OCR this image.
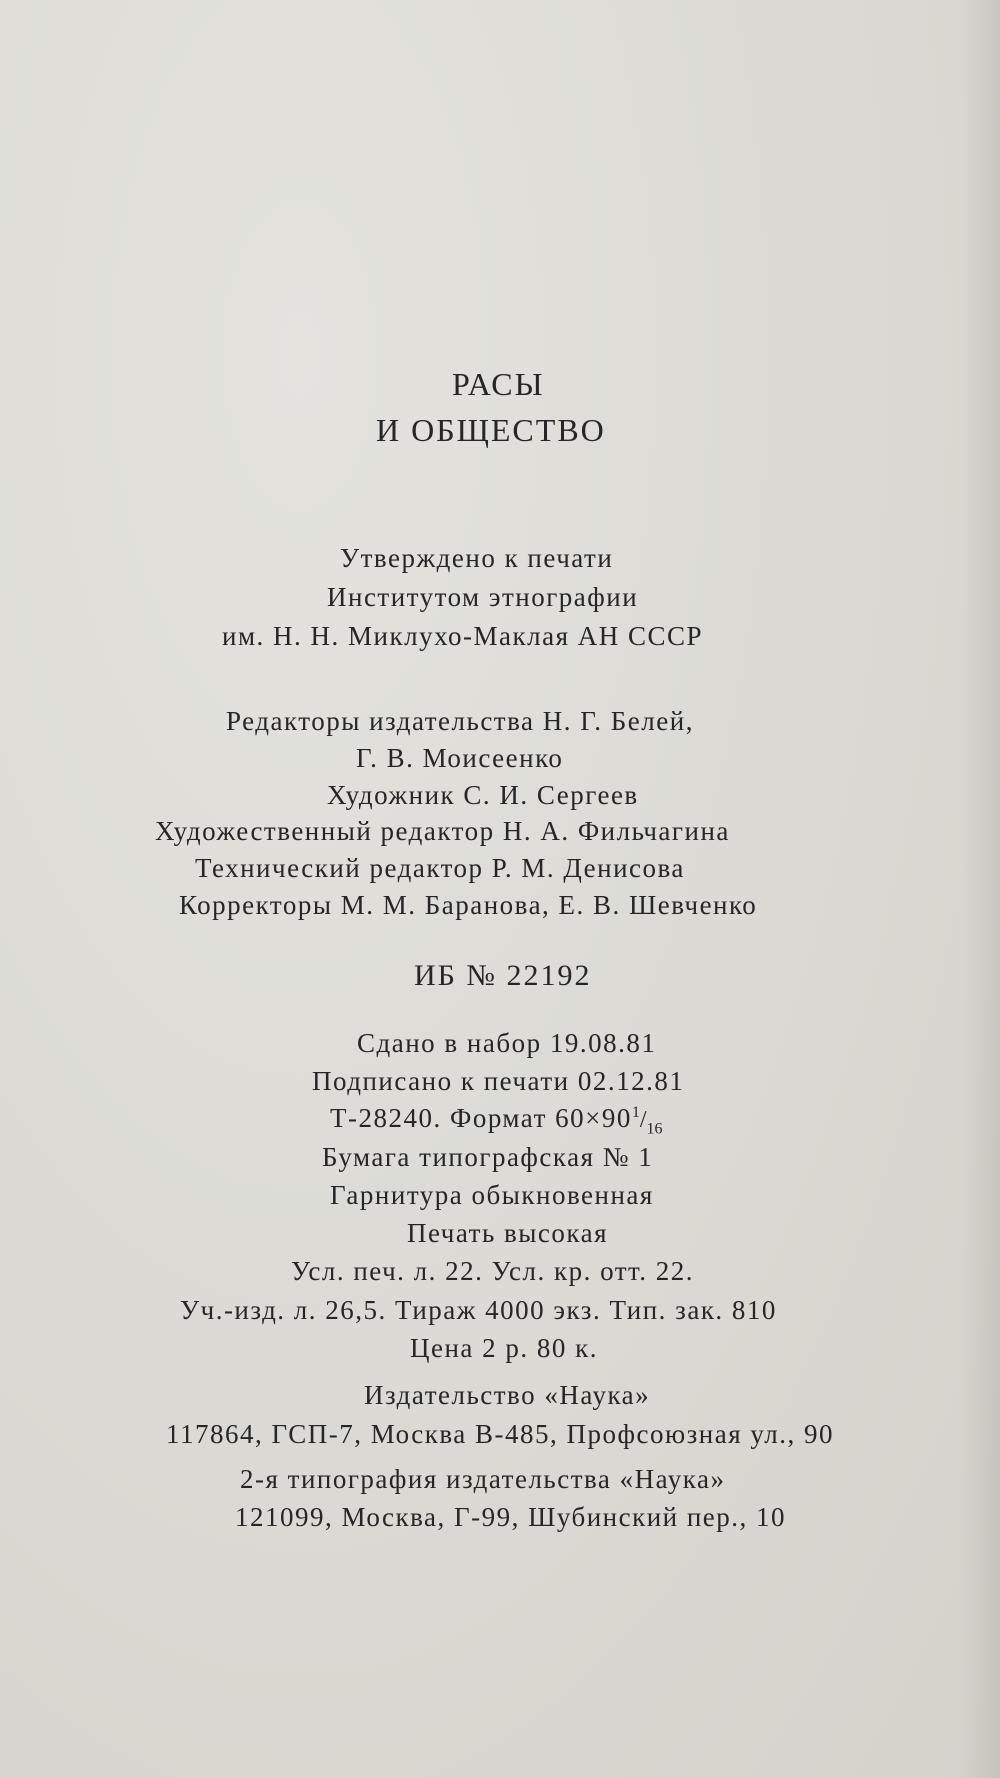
РАСЫ
И ОБЩЕСТВО
Утверждено к печати
Институтом этнографии
им. Н. Н. Миклухо-Маклая АН СССР
Редакторы издательства Н. Г. Белей,
Г. В. Моисеенко
Художник С. И. Сергеев
Художественный редактор Н. А. Фильчагина
Технический редактор Р. М. Денисова
Корректоры М. М. Баранова, Е. В. Шевченко
ИБ № 22192
Сдано в набор 19.08.81
Подписано к печати 02.12.81
Т-28240. Формат $60\times 90^1/_{16}$
Бумага типографская № 1
Гарнитура обыкновенная
Печать высокая
Усл. печ. л. 22. Усл. кр. отт. 22.
Уч.-изд. л. 26,5. Тираж 4000 экз. Тип. зак. 810
Цена 2 р. 80 к.
Издательство «Наука»
117864, ГСП-7, Москва В-485, Профсоюзная ул., 90
2-я типография издательства «Наука»
121099, Москва, Г-99, Шубинский пер., 10
